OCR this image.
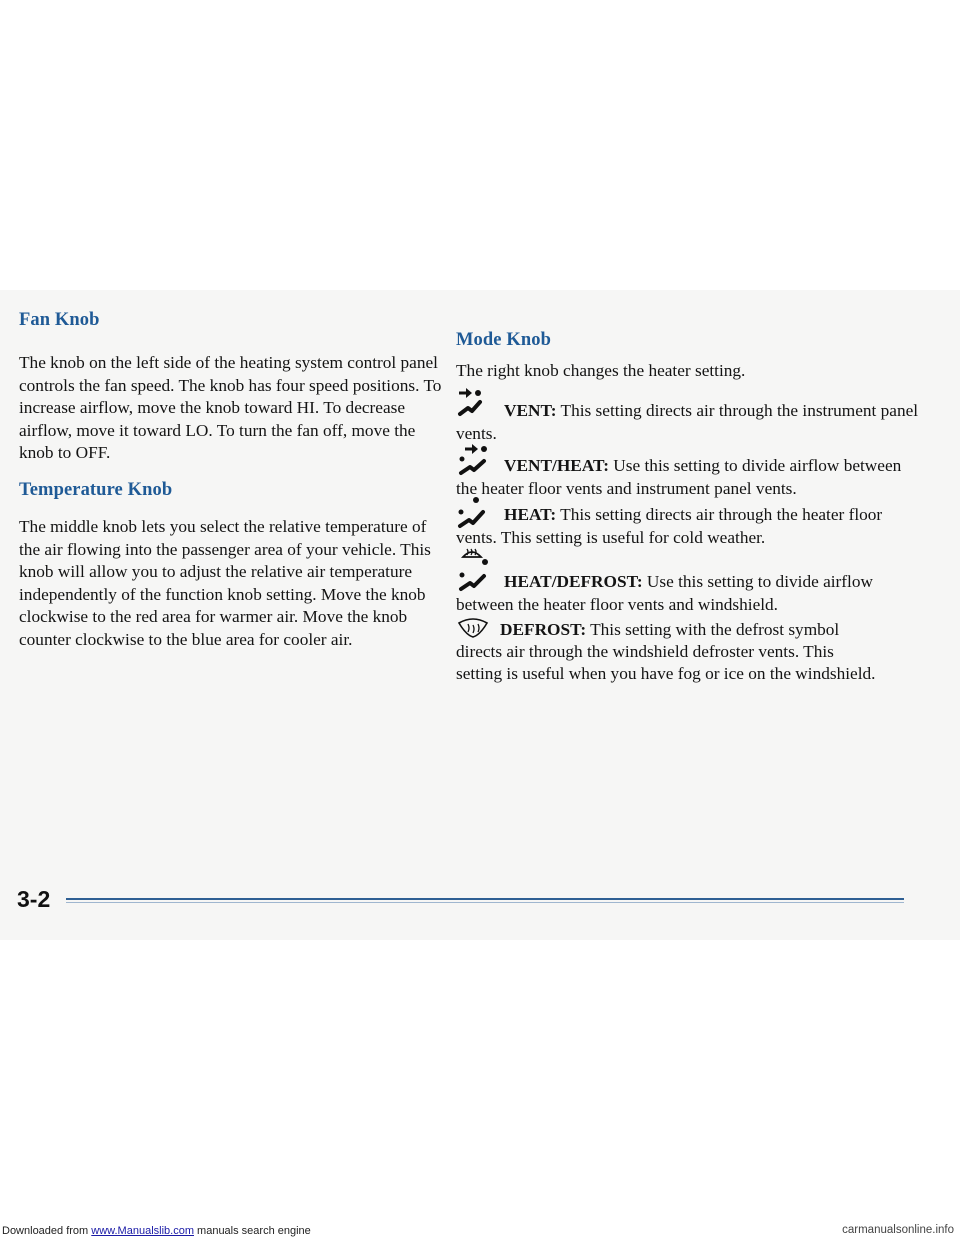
Fan Knob

The knob on the left side of the heating system control panel controls the fan speed. The knob has four speed positions. To increase airflow, move the knob toward HI. To decrease airflow, move it toward LO. To turn the fan off, move the knob to OFF.

Temperature Knob

The middle knob lets you select the relative temperature of the air flowing into the passenger area of your vehicle. This knob will allow you to adjust the relative air temperature independently of the function knob setting. Move the knob clockwise to the red area for warmer air. Move the knob counter clockwise to the blue area for cooler air.

Mode Knob

The right knob changes the heater setting.

VENT: This setting directs air through the instrument panel vents.

VENT/HEAT: Use this setting to divide airflow between the heater floor vents and instrument panel vents.

HEAT: This setting directs air through the heater floor vents. This setting is useful for cold weather.

HEAT/DEFROST: Use this setting to divide airflow between the heater floor vents and windshield.

DEFROST: This setting with the defrost symbol directs air through the windshield defroster vents. This setting is useful when you have fog or ice on the windshield.

3-2
Downloaded from www.Manualslib.com manuals search engine	carmanualsonline.info
